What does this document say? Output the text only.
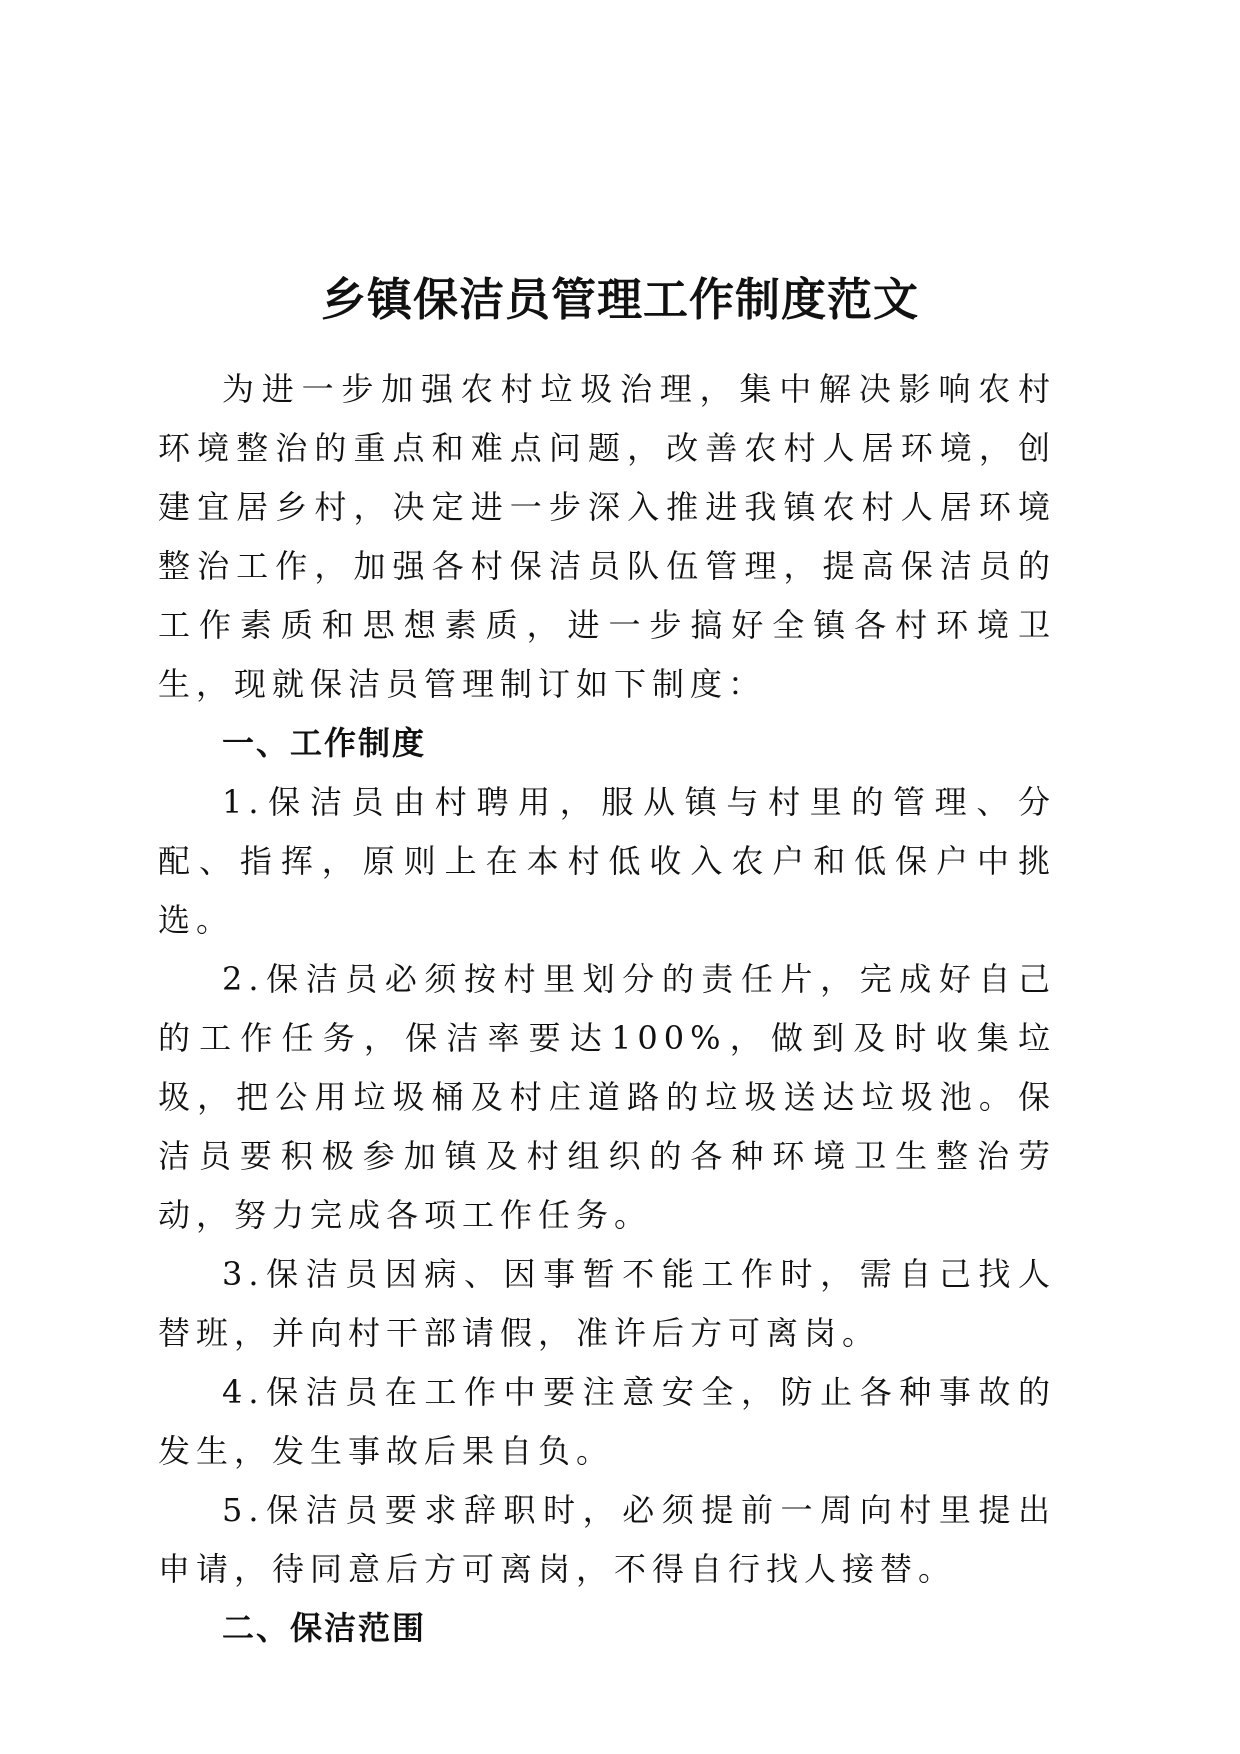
乡镇保洁员管理工作制度范文

为进一步加强农村垃圾治理，集中解决影响农村环境整治的重点和难点问题，改善农村人居环境，创建宜居乡村，决定进一步深入推进我镇农村人居环境整治工作，加强各村保洁员队伍管理，提高保洁员的工作素质和思想素质，进一步搞好全镇各村环境卫生，现就保洁员管理制订如下制度：

一、工作制度

1.保洁员由村聘用，服从镇与村里的管理、分配、指挥，原则上在本村低收入农户和低保户中挑选。

2.保洁员必须按村里划分的责任片，完成好自己的工作任务，保洁率要达100%，做到及时收集垃圾，把公用垃圾桶及村庄道路的垃圾送达垃圾池。保洁员要积极参加镇及村组织的各种环境卫生整治劳动，努力完成各项工作任务。

3.保洁员因病、因事暂不能工作时，需自己找人替班，并向村干部请假，准许后方可离岗。

4.保洁员在工作中要注意安全，防止各种事故的发生，发生事故后果自负。

5.保洁员要求辞职时，必须提前一周向村里提出申请，待同意后方可离岗，不得自行找人接替。

二、保洁范围
